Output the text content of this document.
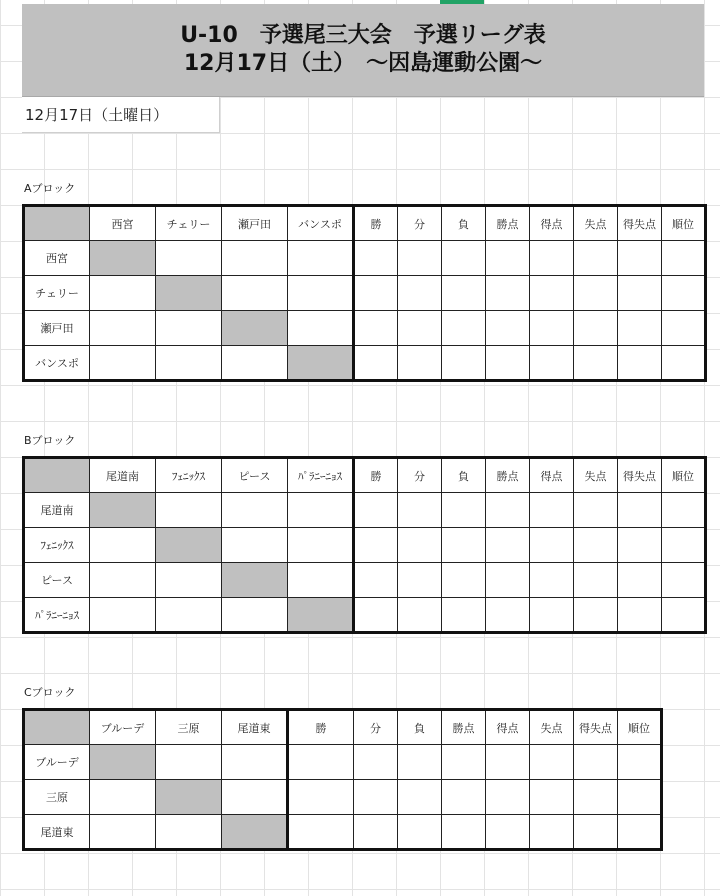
U-10　予選尾三大会　予選リーグ表
12月17日（土）　～因島運動公園～
12月17日（土曜日）
Aブロック
	西宮	チェリー	瀬戸田	バンスポ	勝	分	負	勝点	得点	失点	得失点	順位
西宮												
チェリー												
瀬戸田												
バンスポ												
Bブロック
	尾道南	ﾌｪﾆｯｸｽ	ピース	ﾊﾟﾗﾆｰﾆｮｽ	勝	分	負	勝点	得点	失点	得失点	順位
尾道南												
ﾌｪﾆｯｸｽ												
ピース												
ﾊﾟﾗﾆｰﾆｮｽ												
Cブロック
	ブルーデ	三原	尾道東	勝	分	負	勝点	得点	失点	得失点	順位
ブルーデ											
三原											
尾道東											
